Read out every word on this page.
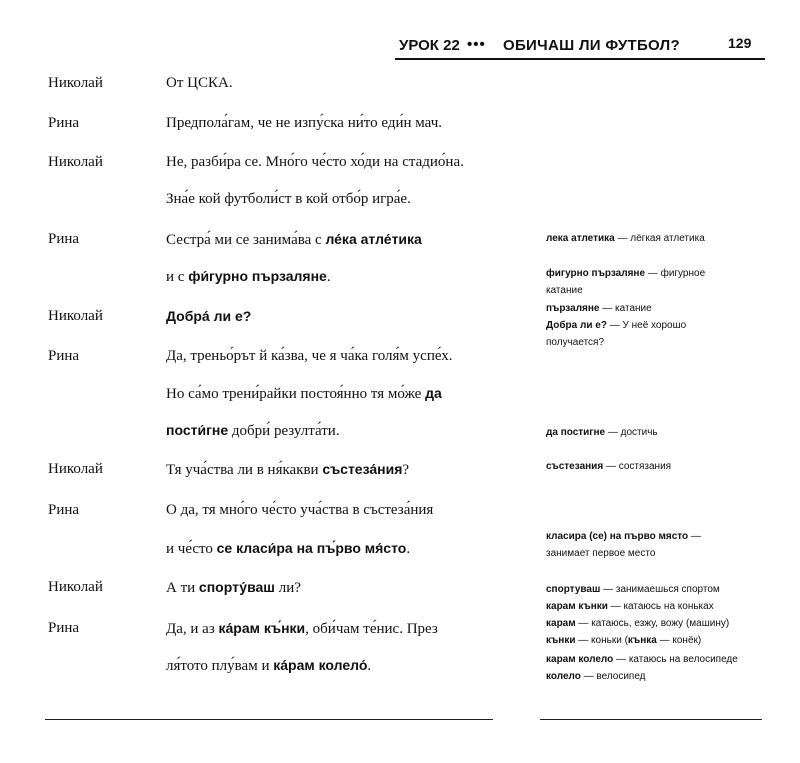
УРОК 22 ••• ОБИЧАШ ЛИ ФУТБОЛ?	129
Николай	От ЦСКА.
Рина	Предпола́гам, че не изпу́ска ни́то еди́н мач.
Николай	Не, разби́ра се. Мно́го че́сто хо́ди на стадио́на.
Зна́е кой футболи́ст в кой отбо́р игра́е.
Рина	Сестра́ ми се занима́ва с ле́ка атле́тика
и с фи́гурно пързаляне.
Николай	Добра́ ли е?
Рина	Да, треньо́рът й ка́зва, че я ча́ка голя́м успе́х.
Но са́мо трени́райки постоя́нно тя мо́же да
пости́гне добри́ резулта́ти.
Николай	Тя уча́ства ли в ня́какви състеза́ния?
Рина	О да, тя мно́го че́сто уча́ства в състеза́ния
и че́сто се класи́ра на пъ́рво мя́сто.
Николай	А ти спорту́ваш ли?
Рина	Да, и аз ка́рам къ́нки, оби́чам те́нис. През
ля́тото плу́вам и ка́рам колело́.
лека атлетика — лёгкая атлетика
фигурно пързаляне — фигурное
катание
пързаляне — катание
Добра ли е? — У неё хорошо
получается?
да постигне — достичь
състезания — состязания
класира (се) на първо място —
занимает первое место
спортуваш — занимаешься спортом
карам кънки — катаюсь на коньках
карам — катаюсь, езжу, вожу (машину)
кънки — коньки (кънка — конёк)
карам колело — катаюсь на велосипеде
колело — велосипед
